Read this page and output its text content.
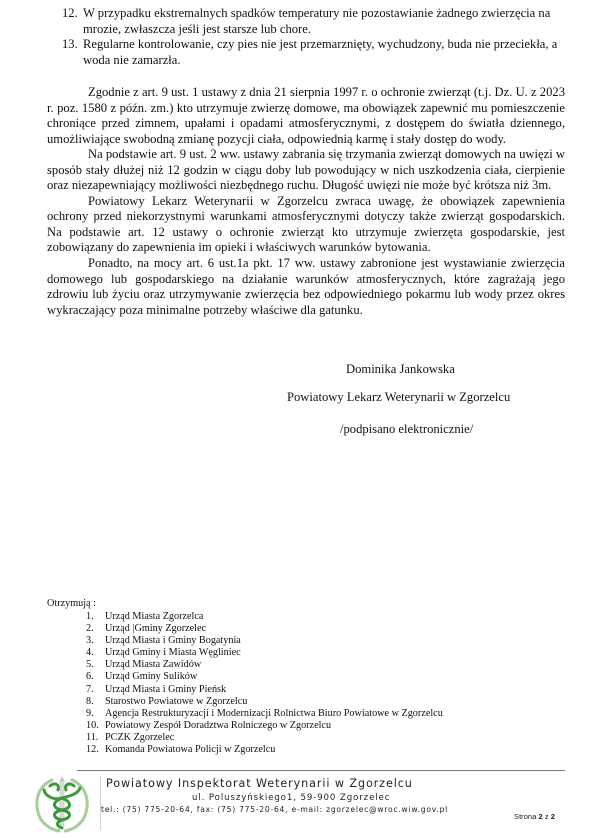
12. W przypadku ekstremalnych spadków temperatury nie pozostawianie żadnego zwierzęcia na mrozie, zwłaszcza jeśli jest starsze lub chore.
13. Regularne kontrolowanie, czy pies nie jest przemarznięty, wychudzony, buda nie przeciekła, a woda nie zamarzła.

Zgodnie z art. 9 ust. 1 ustawy z dnia 21 sierpnia 1997 r. o ochronie zwierząt (t.j. Dz. U. z 2023 r. poz. 1580 z późn. zm.) kto utrzymuje zwierzę domowe, ma obowiązek zapewnić mu pomieszczenie chroniące przed zimnem, upałami i opadami atmosferycznymi, z dostępem do światła dziennego, umożliwiające swobodną zmianę pozycji ciała, odpowiednią karmę i stały dostęp do wody.

Na podstawie art. 9 ust. 2 ww. ustawy zabrania się trzymania zwierząt domowych na uwięzi w sposób stały dłużej niż 12 godzin w ciągu doby lub powodujący w nich uszkodzenia ciała, cierpienie oraz niezapewniający możliwości niezbędnego ruchu. Długość uwięzi nie może być krótsza niż 3m.

Powiatowy Lekarz Weterynarii w Zgorzelcu zwraca uwagę, że obowiązek zapewnienia ochrony przed niekorzystnymi warunkami atmosferycznymi dotyczy także zwierząt gospodarskich. Na podstawie art. 12 ustawy o ochronie zwierząt kto utrzymuje zwierzęta gospodarskie, jest zobowiązany do zapewnienia im opieki i właściwych warunków bytowania.

Ponadto, na mocy art. 6 ust.1a pkt. 17 ww. ustawy zabronione jest wystawianie zwierzęcia domowego lub gospodarskiego na działanie warunków atmosferycznych, które zagrażają jego zdrowiu lub życiu oraz utrzymywanie zwierzęcia bez odpowiedniego pokarmu lub wody przez okres wykraczający poza minimalne potrzeby właściwe dla gatunku.

Dominika Jankowska
Powiatowy Lekarz Weterynarii w Zgorzelcu
/podpisano elektronicznie/
Otrzymują :
1. Urząd Miasta Zgorzelca
2. Urząd |Gminy Zgorzelec
3. Urząd Miasta i Gminy Bogatynia
4. Urząd Gminy i Miasta Węgliniec
5. Urząd Miasta Zawidów
6. Urząd Gminy Sulików
7. Urząd Miasta i Gminy Pieńsk
8. Starostwo Powiatowe w Zgorzelcu
9. Agencja Restrukturyzacji i Modernizacji Rolnictwa Biuro Powiatowe w Zgorzelcu
10. Powiatowy Zespół Doradztwa Rolniczego w Zgorzelcu
11. PCZK Zgorzelec
12. Komanda Powiatowa Policji w Zgorzelcu
Powiatowy Inspektorat Weterynarii w Zgorzelcu
ul. Poluszyńskiego1, 59-900 Zgorzelec
tel.: (75) 775-20-64, fax: (75) 775-20-64, e-mail: zgorzelec@wroc.wiw.gov.pl
Strona 2 z 2
